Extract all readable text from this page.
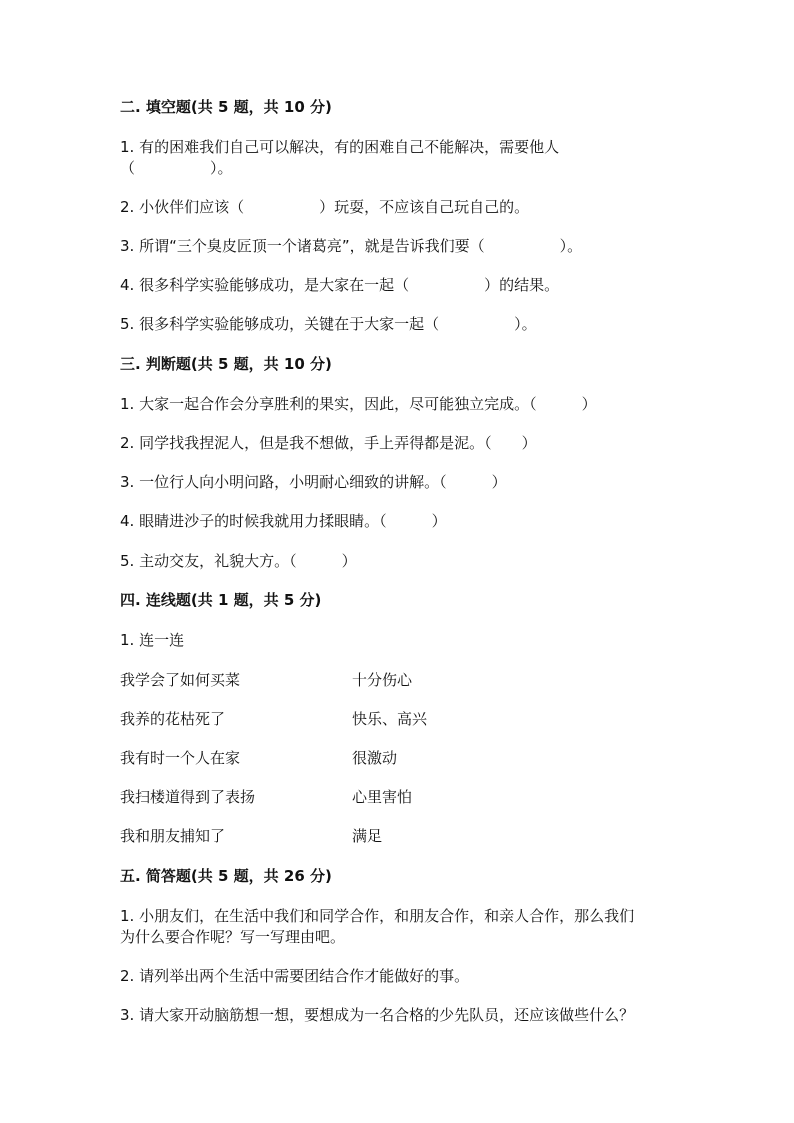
二. 填空题(共 5 题，共 10 分)
1. 有的困难我们自己可以解决，有的困难自己不能解决，需要他人
（　　　　　）。
2. 小伙伴们应该（　　　　　）玩耍，不应该自己玩自己的。
3. 所谓“三个臭皮匠顶一个诸葛亮”，就是告诉我们要（　　　　　）。
4. 很多科学实验能够成功，是大家在一起（　　　　　）的结果。
5. 很多科学实验能够成功，关键在于大家一起（　　　　　）。
三. 判断题(共 5 题，共 10 分)
1. 大家一起合作会分享胜利的果实，因此，尽可能独立完成。（　　　）
2. 同学找我捏泥人，但是我不想做，手上弄得都是泥。（　　）
3. 一位行人向小明问路，小明耐心细致的讲解。（　　　）
4. 眼睛进沙子的时候我就用力揉眼睛。（　　　）
5. 主动交友，礼貌大方。（　　　）
四. 连线题(共 1 题，共 5 分)
1. 连一连
我学会了如何买菜	十分伤心
我养的花枯死了	快乐、高兴
我有时一个人在家	很激动
我扫楼道得到了表扬	心里害怕
我和朋友捕知了	满足
五. 简答题(共 5 题，共 26 分)
1. 小朋友们，在生活中我们和同学合作，和朋友合作，和亲人合作，那么我们
为什么要合作呢？写一写理由吧。
2. 请列举出两个生活中需要团结合作才能做好的事。
3. 请大家开动脑筋想一想，要想成为一名合格的少先队员，还应该做些什么？
